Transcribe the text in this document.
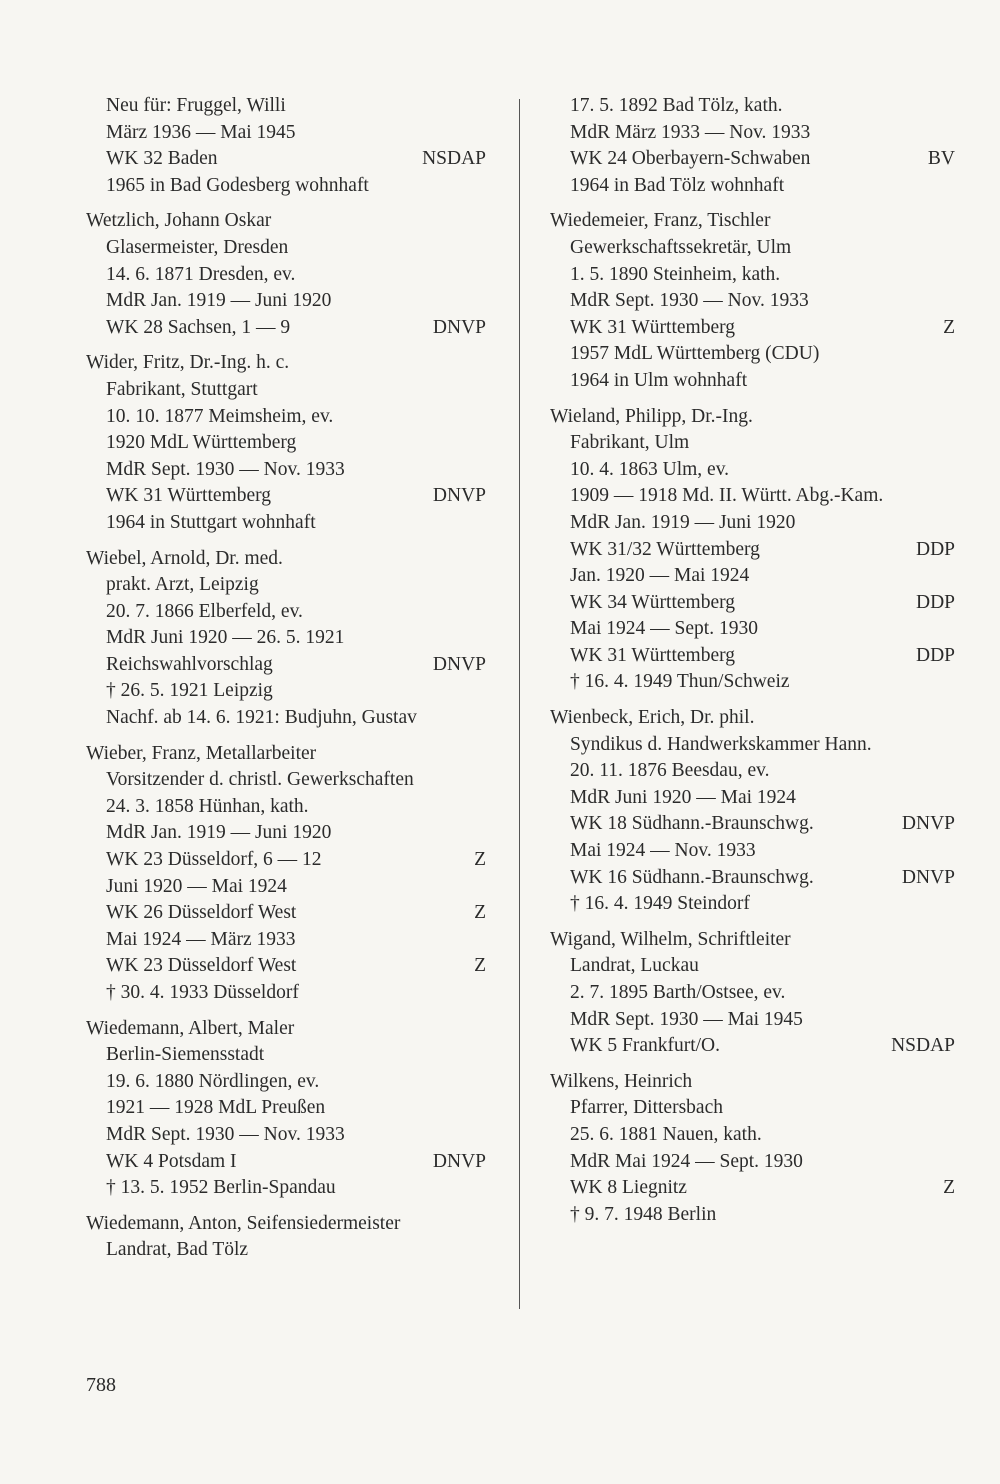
Neu für: Fruggel, Willi
März 1936 — Mai 1945
WK 32 Baden	NSDAP
1965 in Bad Godesberg wohnhaft
Wetzlich, Johann Oskar
Glasermeister, Dresden
14. 6. 1871 Dresden, ev.
MdR Jan. 1919 — Juni 1920
WK 28 Sachsen, 1 — 9	DNVP
Wider, Fritz, Dr.-Ing. h. c.
Fabrikant, Stuttgart
10. 10. 1877 Meimsheim, ev.
1920 MdL Württemberg
MdR Sept. 1930 — Nov. 1933
WK 31 Württemberg	DNVP
1964 in Stuttgart wohnhaft
Wiebel, Arnold, Dr. med.
prakt. Arzt, Leipzig
20. 7. 1866 Elberfeld, ev.
MdR Juni 1920 — 26. 5. 1921
Reichswahlvorschlag	DNVP
† 26. 5. 1921 Leipzig
Nachf. ab 14. 6. 1921: Budjuhn, Gustav
Wieber, Franz, Metallarbeiter
Vorsitzender d. christl. Gewerkschaften
24. 3. 1858 Hünhan, kath.
MdR Jan. 1919 — Juni 1920
WK 23 Düsseldorf, 6 — 12	Z
Juni 1920 — Mai 1924
WK 26 Düsseldorf West	Z
Mai 1924 — März 1933
WK 23 Düsseldorf West	Z
† 30. 4. 1933 Düsseldorf
Wiedemann, Albert, Maler
Berlin-Siemensstadt
19. 6. 1880 Nördlingen, ev.
1921 — 1928 MdL Preußen
MdR Sept. 1930 — Nov. 1933
WK 4 Potsdam I	DNVP
† 13. 5. 1952 Berlin-Spandau
Wiedemann, Anton, Seifensiedermeister
Landrat, Bad Tölz
17. 5. 1892 Bad Tölz, kath.
MdR März 1933 — Nov. 1933
WK 24 Oberbayern-Schwaben	BV
1964 in Bad Tölz wohnhaft
Wiedemeier, Franz, Tischler
Gewerkschaftssekretär, Ulm
1. 5. 1890 Steinheim, kath.
MdR Sept. 1930 — Nov. 1933
WK 31 Württemberg	Z
1957 MdL Württemberg (CDU)
1964 in Ulm wohnhaft
Wieland, Philipp, Dr.-Ing.
Fabrikant, Ulm
10. 4. 1863 Ulm, ev.
1909 — 1918 Md. II. Württ. Abg.-Kam.
MdR Jan. 1919 — Juni 1920
WK 31/32 Württemberg	DDP
Jan. 1920 — Mai 1924
WK 34 Württemberg	DDP
Mai 1924 — Sept. 1930
WK 31 Württemberg	DDP
† 16. 4. 1949 Thun/Schweiz
Wienbeck, Erich, Dr. phil.
Syndikus d. Handwerkskammer Hann.
20. 11. 1876 Beesdau, ev.
MdR Juni 1920 — Mai 1924
WK 18 Südhann.-Braunschwg.	DNVP
Mai 1924 — Nov. 1933
WK 16 Südhann.-Braunschwg.	DNVP
† 16. 4. 1949 Steindorf
Wigand, Wilhelm, Schriftleiter
Landrat, Luckau
2. 7. 1895 Barth/Ostsee, ev.
MdR Sept. 1930 — Mai 1945
WK 5 Frankfurt/O.	NSDAP
Wilkens, Heinrich
Pfarrer, Dittersbach
25. 6. 1881 Nauen, kath.
MdR Mai 1924 — Sept. 1930
WK 8 Liegnitz	Z
† 9. 7. 1948 Berlin
788
